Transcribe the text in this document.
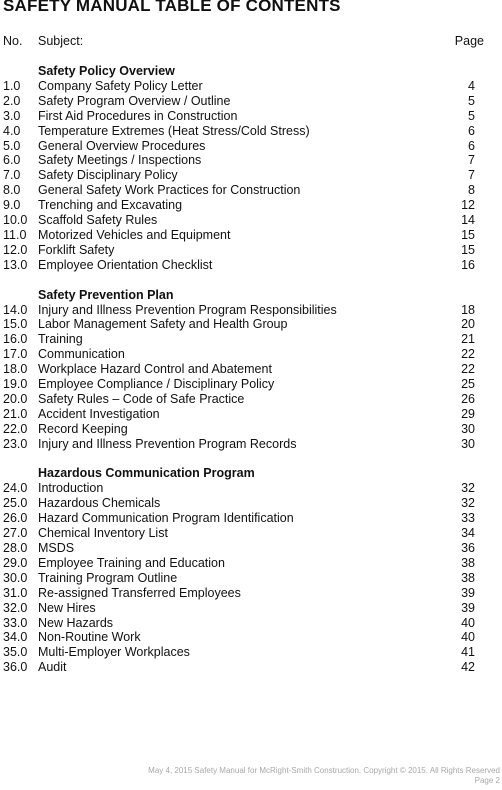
SAFETY MANUAL TABLE OF CONTENTS
No. Subject:	Page
Safety Policy Overview
1.0 Company Safety Policy Letter	4
2.0 Safety Program Overview / Outline	5
3.0 First Aid Procedures in Construction	5
4.0 Temperature Extremes (Heat Stress/Cold Stress)	6
5.0 General Overview Procedures	6
6.0 Safety Meetings / Inspections	7
7.0 Safety Disciplinary Policy	7
8.0 General Safety Work Practices for Construction	8
9.0 Trenching and Excavating	12
10.0 Scaffold Safety Rules	14
11.0 Motorized Vehicles and Equipment	15
12.0 Forklift Safety	15
13.0 Employee Orientation Checklist	16
Safety Prevention Plan
14.0 Injury and Illness Prevention Program Responsibilities	18
15.0 Labor Management Safety and Health Group	20
16.0 Training	21
17.0 Communication	22
18.0 Workplace Hazard Control and Abatement	22
19.0 Employee Compliance / Disciplinary Policy	25
20.0 Safety Rules – Code of Safe Practice	26
21.0 Accident Investigation	29
22.0 Record Keeping	30
23.0 Injury and Illness Prevention Program Records	30
Hazardous Communication Program
24.0 Introduction	32
25.0 Hazardous Chemicals	32
26.0 Hazard Communication Program Identification	33
27.0 Chemical Inventory List	34
28.0 MSDS	36
29.0 Employee Training and Education	38
30.0 Training Program Outline	38
31.0 Re-assigned Transferred Employees	39
32.0 New Hires	39
33.0 New Hazards	40
34.0 Non-Routine Work	40
35.0 Multi-Employer Workplaces	41
36.0 Audit	42
May 4, 2015 Safety Manual for McRight-Smith Construction. Copyright © 2015. All Rights Reserved
Page 2
